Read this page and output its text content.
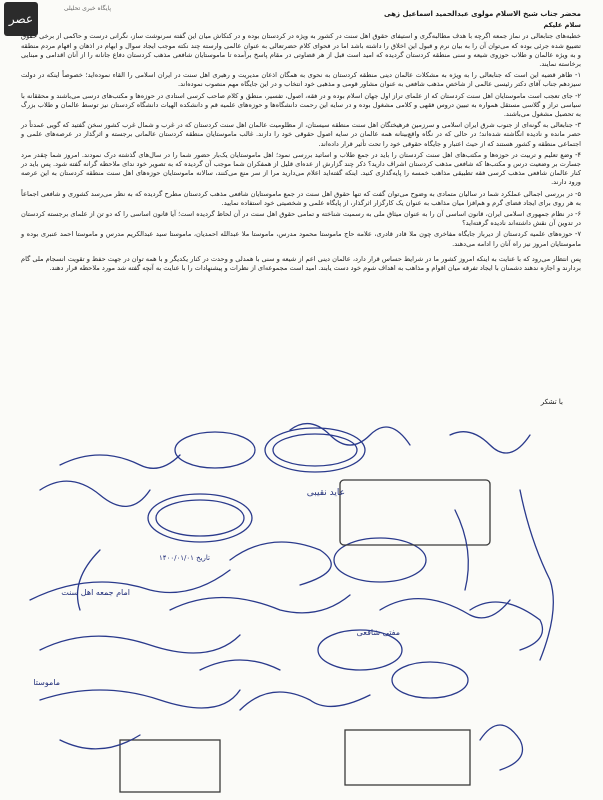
عصر
پایگاه خبری تحلیلی

محضر جناب شیخ الاسلام مولوی عبدالحمید اسماعیل زهی

سلام علیکم

خطبه‌های جنابعالی در نماز جمعه اگرچه با هدف مطالبه‌گری و استیفای حقوق اهل سنت در کشور به ویژه در کردستان بوده و در کنکاش میان این گفته سرنوشت ساز، نگرانی درست و حاکمی از برخی حقوق تضییع شده جرئی بوده که می‌توان آن را به بیان نرم و قبول این اخلاق را داشته باشد اما در فحوای کلام حضرتعالی به عنوان عالمی وارسته چند نکته موجب ایجاد سوال و ابهام در اذهان و افهام مردم منطقه و به ویژه عالمان و طلاب حوزوی شیعه و سنی منطقه کردستان گردیده که امید است قبل از هر قضاوتی در مقام پاسخ برآمده تا ماموستایان شافعی مذهب کردستان دفاع جانانه را از آنان اقدامی و مبنایی برخاسته نمایند.

۱- ظاهر قضیه این است که جنابعالی را به ویژه به مشکلات عالمان دینی منطقه کردستان به نحوی به همگان اذعان مدیریت و رهبری اهل سنت در ایران اسلامی را القاء نموده‌اید؛ خصوصاً اینکه در دولت سیزدهم جناب آقای دکتر رئیسی عالمی از شاخص مذهب شافعی به عنوان مشاور قومی و مذهبی خود انتخاب و در این جایگاه مهم منصوب نموده‌اند.

۲- جای تعجب است ماموستایان اهل سنت کردستان که از علمای تراز اول جهان اسلام بوده و در فقه، اصول، تفسیر، منطق و کلام صاحب کرسی استادی در حوزه‌ها و مکتب‌های درسی می‌باشند و محققانه با سیاسی تراز و گلاسی مستقل همواره به تبیین دروس فقهی و کلامی مشغول بوده و در سایه این رحمت دانشگاه‌ها و حوزه‌های علمیه قم و دانشکده الهیات دانشگاه کردستان نیز توسط عالمان و طلاب بزرگ به تحصیل مشغول می‌باشند.

۳- جنابعالی به گونه‌ای از جنوب شرق ایران اسلامی و سرزمین فرهیختگان اهل سنت منطقه سیستان، از مظلومیت عالمان اهل سنت کردستان که در غرب و شمال غرب کشور سخن گفتید که گویی عمدتاً در حصر مانده و نادیده انگاشته شده‌اند؛ در حالی که در نگاه واقع‌بینانه همه عالمان در سایه اصول حقوقی خود را دارند. غالب ماموستایان منطقه کردستان عالمانی برجسته و اثرگذار در عرصه‌های علمی و اجتماعی منطقه و کشور هستند که از حیث اعتبار و جایگاه حقوقی خود را تحت تأثیر قرار داده‌اند.

۴- وضع تعلیم و تربیت در حوزه‌ها و مکتب‌های اهل سنت کردستان را باید در جمع طلاب و اساتید بررسی نمود؛ اهل ماموستایان یک‌بار حضور شما را در سال‌های گذشته درک نمودند. امروز شما چقدر مرد جسارت بر وضعیت درس و مکتب‌ها که شافعی مذهب کردستان اشراف دارید؟ ذکر چند گزارش از عده‌ای قلیل از همفکران شما موجب آن گردیده که به تصویر خود ندای ملاحظه گرانه گفته شود. پس باید در کنار عالمان شافعی مذهب کرسی فقه تطبیقی مذاهب خمسه را پایه‌گذاری کنید. اینکه گفته‌اید اعلام می‌دارید مرا از سر منع می‌کنند، سالانه ماموستایان حوزه‌های اهل سنت منطقه کردستان به این عرصه ورود دارند.

۵- در بررسی اجمالی عملکرد شما در سالیان متمادی به وضوح می‌توان گفت که تنها حقوق اهل سنت در جمع ماموستایان شافعی مذهب کردستان مطرح گردیده که به نظر می‌رسد کشوری و شافعی اجماعاً به هر روی برای ایجاد فضای گرم و هم‌افزا میان مذاهب به عنوان یک کارگزار اثرگذار، از پایگاه علمی و شخصیتی خود استفاده نمایید.

۶- در نظام جمهوری اسلامی ایران، قانون اساسی آن را به عنوان میثاق ملی به رسمیت شناخته و تمامی حقوق اهل سنت در آن لحاظ گردیده است؛ آیا قانون اساسی را که دو تن از علمای برجسته کردستان در تدوین آن نقش داشته‌اند نادیده گرفته‌اید؟

۷- حوزه‌های علمیه کردستان از دیرباز جایگاه مفاخری چون ملا قادر قادری، علامه حاج ماموستا محمود مدرس، ماموستا ملا عبدالله احمدیان، ماموستا سید عبدالکریم مدرس و ماموستا احمد عنبری بوده و ماموستایان امروز نیز راه آنان را ادامه می‌دهند.

پس انتظار می‌رود که با عنایت به اینکه امروز کشور ما در شرایط حساس قرار دارد، عالمان دینی اعم از شیعه و سنی با همدلی و وحدت در کنار یکدیگر و با همه توان در جهت حفظ و تقویت انسجام ملی گام بردارند و اجازه ندهند دشمنان با ایجاد تفرقه میان اقوام و مذاهب به اهداف شوم خود دست یابند. امید است مجموعه‌ای از نظرات و پیشنهادات را با عنایت به آنچه گفته شد مورد ملاحظه قرار دهند.

با تشکر
عاید نقیبی
امام جمعه اهل سنت
مفتی شافعی
ماموستا
تاریخ ۱۴۰۰/۰۱/۰۱
